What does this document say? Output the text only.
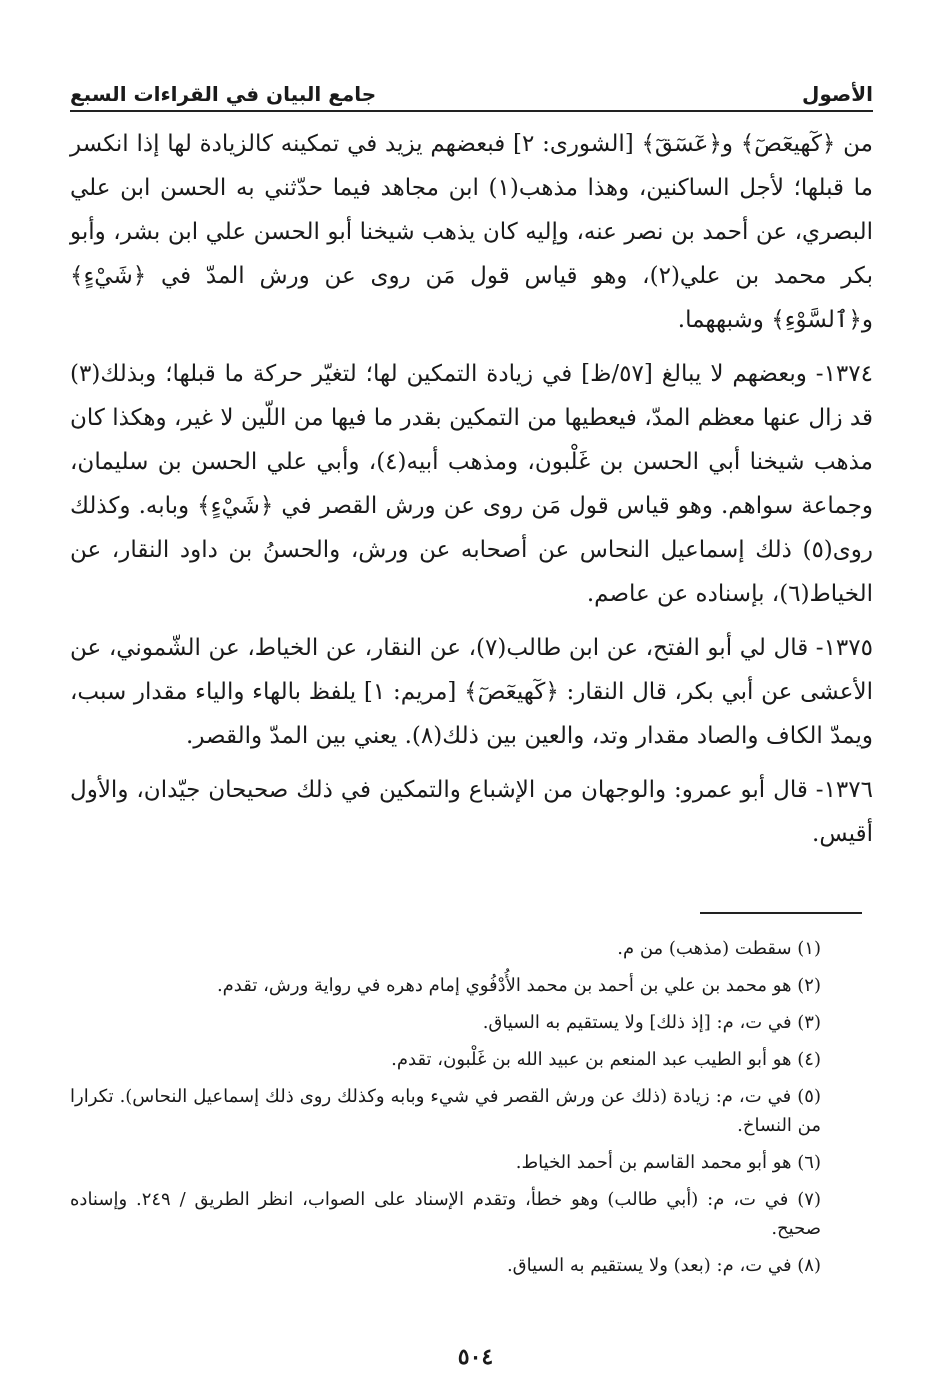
الأصول
جامع البيان في القراءات السبع

من ﴿كٓهيعٓصٓ﴾ و﴿عٓسٓقٓ﴾ [الشورى: ٢] فبعضهم يزيد في تمكينه كالزيادة لها إذا انكسر ما قبلها؛ لأجل الساكنين، وهذا مذهب(١) ابن مجاهد فيما حدّثني به الحسن ابن علي البصري، عن أحمد بن نصر عنه، وإليه كان يذهب شيخنا أبو الحسن علي ابن بشر، وأبو بكر محمد بن علي(٢)، وهو قياس قول مَن روى عن ورش المدّ في ﴿شَيْءٍ﴾ و﴿ٱلسَّوْءِ﴾ وشبههما.

١٣٧٤- وبعضهم لا يبالغ [٥٧/ظ] في زيادة التمكين لها؛ لتغيّر حركة ما قبلها؛ وبذلك(٣) قد زال عنها معظم المدّ، فيعطيها من التمكين بقدر ما فيها من اللّين لا غير، وهكذا كان مذهب شيخنا أبي الحسن بن غَلْبون، ومذهب أبيه(٤)، وأبي علي الحسن بن سليمان، وجماعة سواهم. وهو قياس قول مَن روى عن ورش القصر في ﴿شَيْءٍ﴾ وبابه. وكذلك روى(٥) ذلك إسماعيل النحاس عن أصحابه عن ورش، والحسنُ بن داود النقار، عن الخياط(٦)، بإسناده عن عاصم.

١٣٧٥- قال لي أبو الفتح، عن ابن طالب(٧)، عن النقار، عن الخياط، عن الشّموني، عن الأعشى عن أبي بكر، قال النقار: ﴿كٓهيعٓصٓ﴾ [مريم: ١] يلفظ بالهاء والياء مقدار سبب، ويمدّ الكاف والصاد مقدار وتد، والعين بين ذلك(٨). يعني بين المدّ والقصر.

١٣٧٦- قال أبو عمرو: والوجهان من الإشباع والتمكين في ذلك صحيحان جيّدان، والأول أقيس.

(١) سقطت (مذهب) من م.

(٢) هو محمد بن علي بن أحمد بن محمد الأُدْفُوي إمام دهره في رواية ورش، تقدم.

(٣) في ت، م: [إذ ذلك] ولا يستقيم به السياق.

(٤) هو أبو الطيب عبد المنعم بن عبيد الله بن غَلْبون، تقدم.

(٥) في ت، م: زيادة (ذلك عن ورش القصر في شيء وبابه وكذلك روى ذلك إسماعيل النحاس). تكرارا من النساخ.

(٦) هو أبو محمد القاسم بن أحمد الخياط.

(٧) في ت، م: (أبي طالب) وهو خطأ، وتقدم الإسناد على الصواب، انظر الطريق / ٢٤٩. وإسناده صحيح.

(٨) في ت، م: (بعد) ولا يستقيم به السياق.

٥٠٤
